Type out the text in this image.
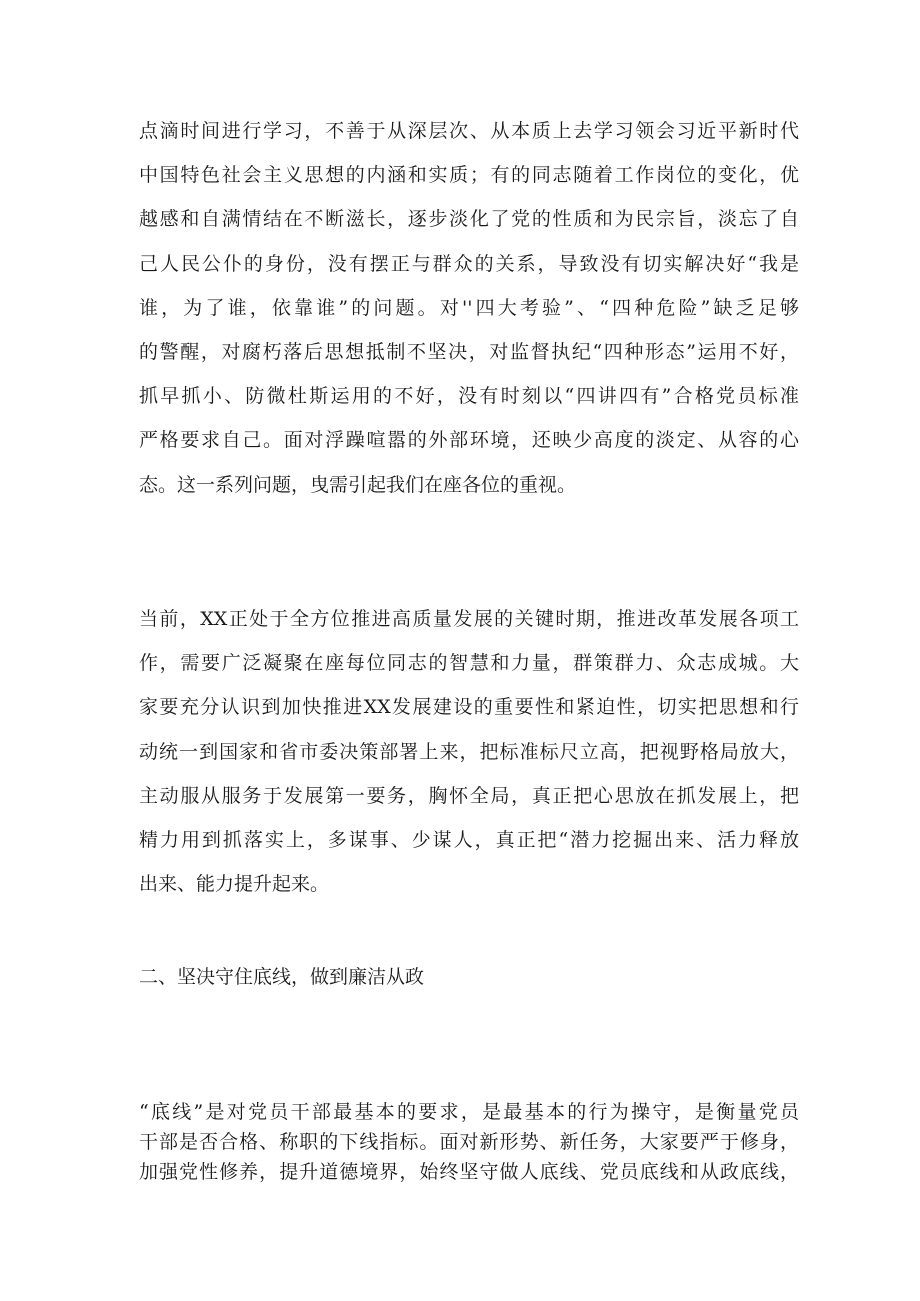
点滴时间进行学习，不善于从深层次、从本质上去学习领会习近平新时代
中国特色社会主义思想的内涵和实质；有的同志随着工作岗位的变化，优
越感和自满情结在不断滋长，逐步淡化了党的性质和为民宗旨，淡忘了自
己人民公仆的身份，没有摆正与群众的关系，导致没有切实解决好“我是
谁，为了谁，依靠谁”的问题。对''四大考验”、“四种危险”缺乏足够
的警醒，对腐朽落后思想抵制不坚决，对监督执纪“四种形态”运用不好，
抓早抓小、防微杜斯运用的不好，没有时刻以“四讲四有”合格党员标准
严格要求自己。面对浮躁喧嚣的外部环境，还映少高度的淡定、从容的心
态。这一系列问题，曳需引起我们在座各位的重视。
当前，XX正处于全方位推进高质量发展的关键时期，推进改革发展各项工
作，需要广泛凝聚在座每位同志的智慧和力量，群策群力、众志成城。大
家要充分认识到加快推进XX发展建设的重要性和紧迫性，切实把思想和行
动统一到国家和省市委决策部署上来，把标准标尺立高，把视野格局放大，
主动服从服务于发展第一要务，胸怀全局，真正把心思放在抓发展上，把
精力用到抓落实上，多谋事、少谋人，真正把“潜力挖掘出来、活力释放
出来、能力提升起来。
二、坚决守住底线，做到廉洁从政
“底线”是对党员干部最基本的要求，是最基本的行为操守，是衡量党员
干部是否合格、称职的下线指标。面对新形势、新任务，大家要严于修身，
加强党性修养，提升道德境界，始终坚守做人底线、党员底线和从政底线，
